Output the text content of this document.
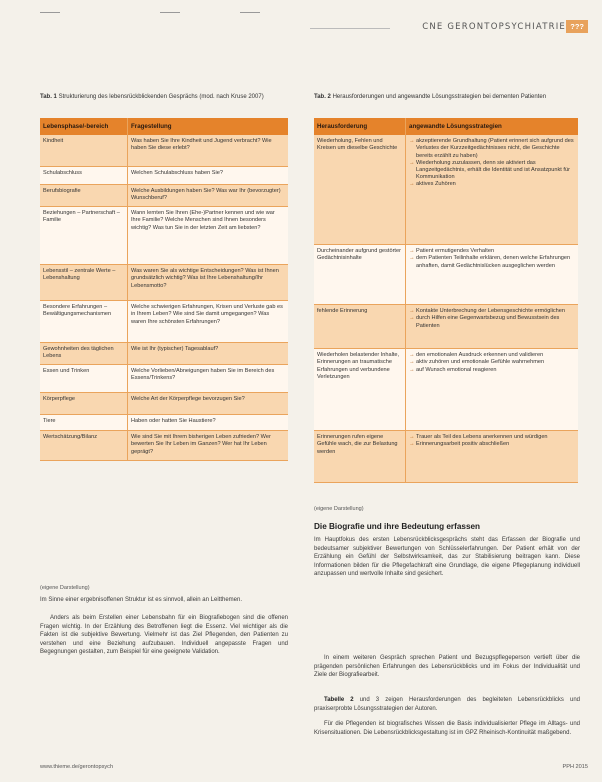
CNE GERONTOPSYCHIATRIE ???
Tab. 1 Strukturierung des lebensrückblickenden Gesprächs (mod. nach Kruse 2007)
Lebensphase/-bereich	Fragestellung
Kindheit	Was haben Sie Ihre Kindheit und Jugend verbracht? Wie haben Sie diese erlebt?
Schulabschluss	Welchen Schulabschluss haben Sie?
Berufsbiografie	Welche Ausbildungen haben Sie? Was war Ihr (bevorzugter) Wunschberuf?
Beziehungen – Partnerschaft – Familie
Wann lernten Sie Ihren (Ehe-)Partner kennen und wie war Ihre Familie? Welche Menschen sind Ihnen besonders wichtig? Was tun Sie in der letzten Zeit am liebsten?
Lebensstil – zentrale Werte – Lebenshaltung
Was waren Sie als wichtige Entscheidungen? Was ist Ihnen grundsätzlich wichtig? Was ist Ihre Lebenshaltung/Ihr Lebensmotto?
Besondere Erfahrungen – Bewältigungsmechanismen
Welche schwierigen Erfahrungen, Krisen und Verluste gab es in Ihrem Leben? Wie sind Sie damit umgegangen? Was waren Ihre schönsten Erfahrungen?
Gewohnheiten des täglichen Lebens
Wie ist Ihr (typischer) Tagesablauf?
Essen und Trinken	Welche Vorlieben/Abneigungen haben Sie im Bereich des Essens/Trinkens?
Körperpflege	Welche Art der Körperpflege bevorzugen Sie?
Tiere	Haben oder hatten Sie Haustiere?
Wertschätzung/Bilanz	Wie sind Sie mit Ihrem bisherigen Leben zufrieden? Wer bewerten Sie Ihr Leben im Ganzen? Wer hat Ihr Leben geprägt?
(eigene Darstellung)
Im Sinne einer ergebnisoffenen Struktur ist es sinnvoll, allein an Leitthemen.
Anders als beim Erstellen einer Lebensbahn für ein Biografiebogen sind die offenen Fragen wichtig. In der Erzählung des Betroffenen liegt die Essenz. Viel wichtiger als die Fakten ist die subjektive Bewertung. Vielmehr ist das Ziel Pflegenden, den Patienten zu verstehen und eine Beziehung aufzubauen. Individuell angepasste Fragen und Begegnungen gestalten, zum Beispiel für eine geeignete Validation.
Tab. 2 Herausforderungen und angewandte Lösungsstrategien bei dementen Patienten
Herausforderung	angewandte Lösungsstrategien
Wiederholung, Fehlen und Kreisen um dieselbe Geschichte
→ akzeptierende Grundhaltung (Patient erinnert sich aufgrund des Verlustes der Kurzzeitgedächtnisses nicht, die Geschichte bereits erzählt zu haben)
→ Wiederholung zuzulassen, denn sie aktiviert das Langzeitgedächtnis, erhält die Identität und ist Ansatzpunkt für Kommunikation
→ aktives Zuhören
Durcheinander aufgrund gestörter Gedächtnisinhalte
→ Patient ermutigendes Verhalten
→ dem Patienten Teilinhalte erklären, denen welche Erfahrungen anhaften, damit Gedächtnislücken ausgeglichen werden
fehlende Erinnerung
→	Kontakte Unterbrechung der Lebensgeschichte ermöglichen
→ durch Hilfen eine Gegenwartsbezug und Bewusstsein des Patienten
Wiederholen belastender Inhalte, Erinnerungen an traumatische Erfahrungen und verbundene Verletzungen
→ den emotionalen Ausdruck erkennen und validieren
→ aktiv zuhören und emotionale Gefühle wahrnehmen
→ auf Wunsch emotional reagieren
Erinnerungen rufen eigene Gefühle wach, die zur Belastung werden
→ Trauer als Teil des Lebens anerkennen und würdigen
→ Erinnerungsarbeit positiv abschließen
(eigene Darstellung)
Die Biografie und ihre Bedeutung erfassen
Im Hauptfokus des ersten Lebensrückblicksgesprächs steht das Erfassen der Biografie und bedeutsamer subjektiver Bewertungen von Schlüsselerfahrungen. Der Patient erhält von der Erzählung ein Gefühl der Selbstwirksamkeit, das zur Stabilisierung beitragen kann. Diese Informationen bilden für die Pflegefachkraft eine Grundlage, die eigene Pflegeplanung individuell anzupassen und wertvolle Inhalte sind gesichert.
In einem weiteren Gespräch sprechen Patient und Bezugspflegeperson vertieft über die prägenden persönlichen Erfahrungen des Lebensrückblicks und im Fokus der Individualität und Ziele der Biografiearbeit.
Tabelle 2 und 3 zeigen Herausforderungen des begleiteten Lebensrückblicks und praxiserprobte Lösungsstrategien der Autoren.
Für die Pflegenden ist biografisches Wissen die Basis individualisierter Pflege im Alltags- und Krisensituationen. Die Lebensrückblicksgestaltung ist im GPZ Rheinisch-Kontinuität maßgebend.
www.thieme.de/gerontopsych	PPH 2015
